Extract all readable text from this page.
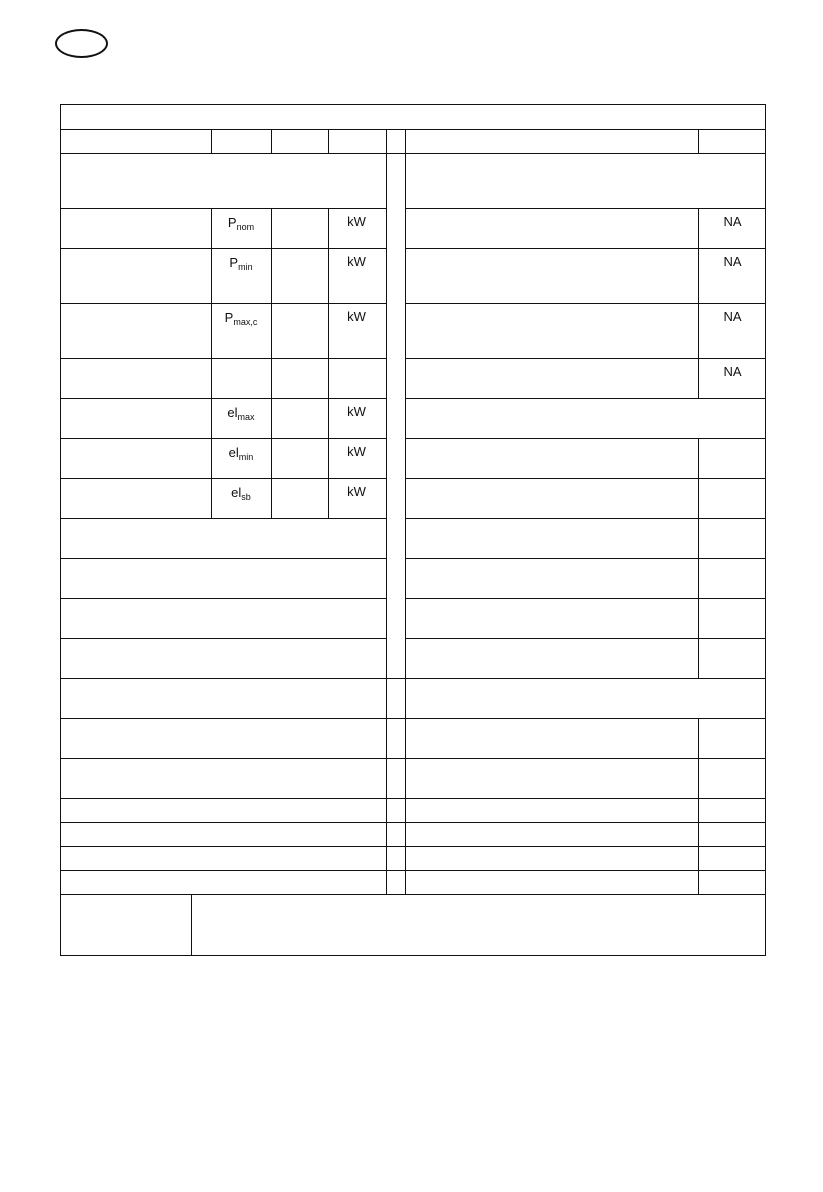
$P_{nom}$
$P_{min}$
$P_{max,c}$
$el_{max}$
$el_{min}$
$el_{sb}$
kW
kW
kW
kW
kW
kW
NA
NA
NA
NA
